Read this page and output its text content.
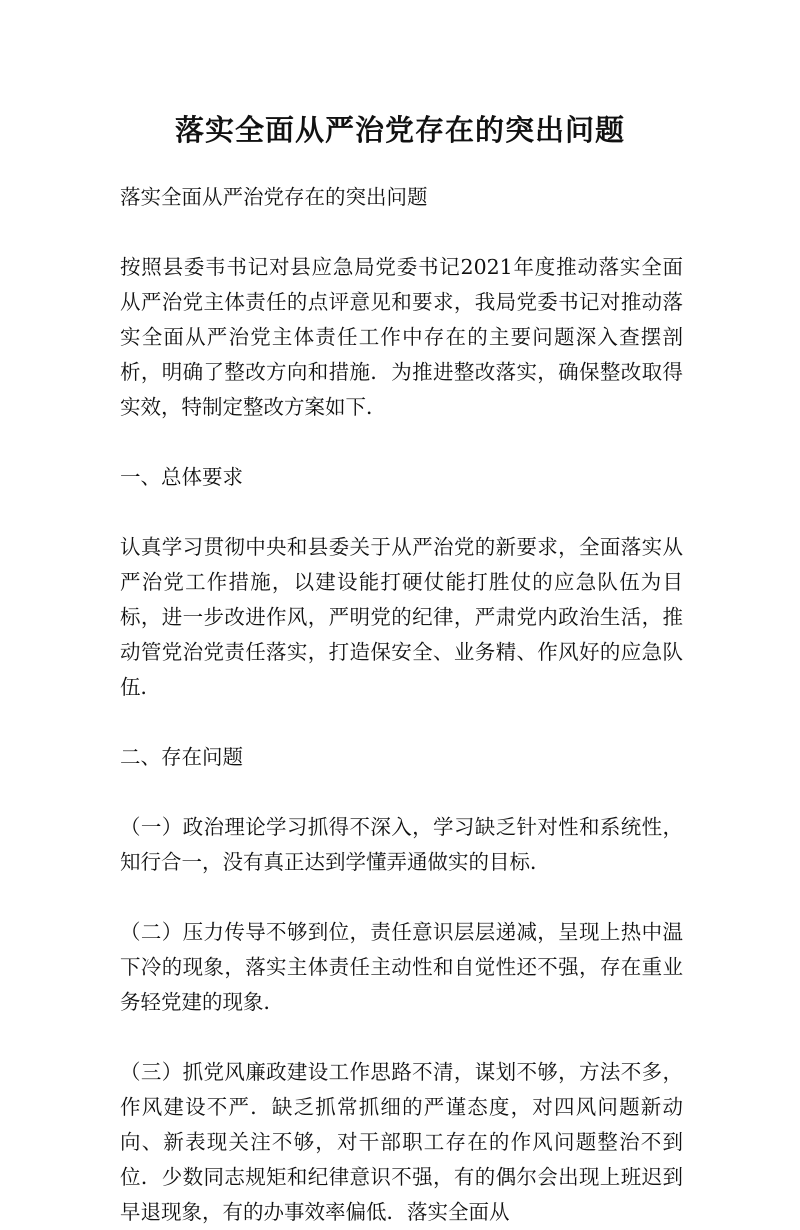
落实全面从严治党存在的突出问题

落实全面从严治党存在的突出问题

按照县委韦书记对县应急局党委书记2021年度推动落实全面从严治党主体责任的点评意见和要求，我局党委书记对推动落实全面从严治党主体责任工作中存在的主要问题深入查摆剖析，明确了整改方向和措施．为推进整改落实，确保整改取得实效，特制定整改方案如下．

一、总体要求

认真学习贯彻中央和县委关于从严治党的新要求，全面落实从严治党工作措施，以建设能打硬仗能打胜仗的应急队伍为目标，进一步改进作风，严明党的纪律，严肃党内政治生活，推动管党治党责任落实，打造保安全、业务精、作风好的应急队伍．

二、存在问题

（一）政治理论学习抓得不深入，学习缺乏针对性和系统性，知行合一，没有真正达到学懂弄通做实的目标．

（二）压力传导不够到位，责任意识层层递减，呈现上热中温下冷的现象，落实主体责任主动性和自觉性还不强，存在重业务轻党建的现象．

（三）抓党风廉政建设工作思路不清，谋划不够，方法不多，作风建设不严．缺乏抓常抓细的严谨态度，对四风问题新动向、新表现关注不够，对干部职工存在的作风问题整治不到位．少数同志规矩和纪律意识不强，有的偶尔会出现上班迟到早退现象，有的办事效率偏低．落实全面从
